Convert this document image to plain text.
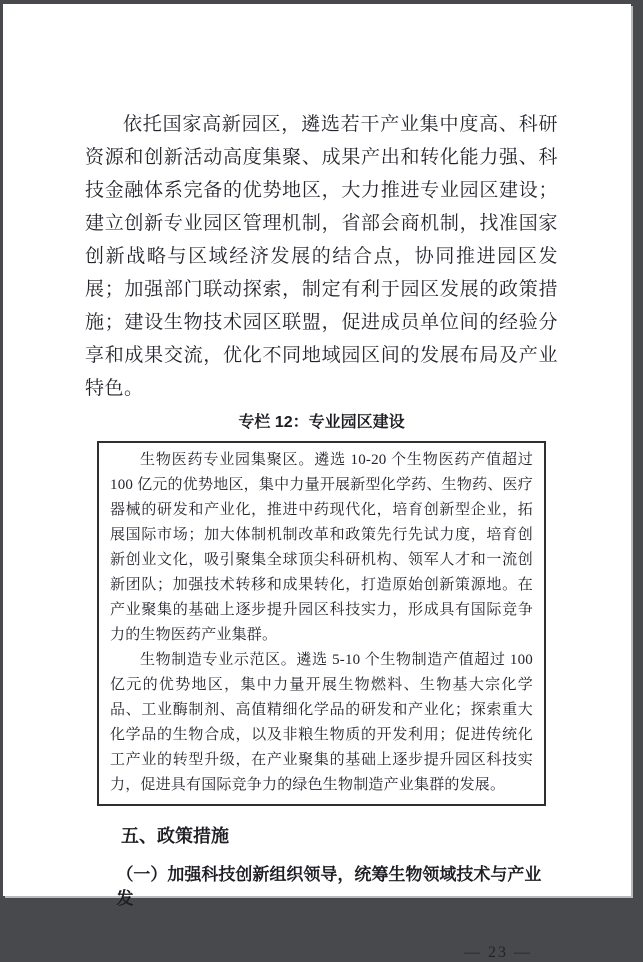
依托国家高新园区，遴选若干产业集中度高、科研资源和创新活动高度集聚、成果产出和转化能力强、科技金融体系完备的优势地区，大力推进专业园区建设；建立创新专业园区管理机制，省部会商机制，找准国家创新战略与区域经济发展的结合点，协同推进园区发展；加强部门联动探索，制定有利于园区发展的政策措施；建设生物技术园区联盟，促进成员单位间的经验分享和成果交流，优化不同地域园区间的发展布局及产业特色。

专栏 12：专业园区建设

生物医药专业园集聚区。遴选 10-20 个生物医药产值超过 100 亿元的优势地区，集中力量开展新型化学药、生物药、医疗器械的研发和产业化，推进中药现代化，培育创新型企业，拓展国际市场；加大体制机制改革和政策先行先试力度，培育创新创业文化，吸引聚集全球顶尖科研机构、领军人才和一流创新团队；加强技术转移和成果转化，打造原始创新策源地。在产业聚集的基础上逐步提升园区科技实力，形成具有国际竞争力的生物医药产业集群。

生物制造专业示范区。遴选 5-10 个生物制造产值超过 100 亿元的优势地区，集中力量开展生物燃料、生物基大宗化学品、工业酶制剂、高值精细化学品的研发和产业化；探索重大化学品的生物合成，以及非粮生物质的开发利用；促进传统化工产业的转型升级，在产业聚集的基础上逐步提升园区科技实力，促进具有国际竞争力的绿色生物制造产业集群的发展。

五、政策措施
（一）加强科技创新组织领导，统筹生物领域技术与产业发
— 23 —
